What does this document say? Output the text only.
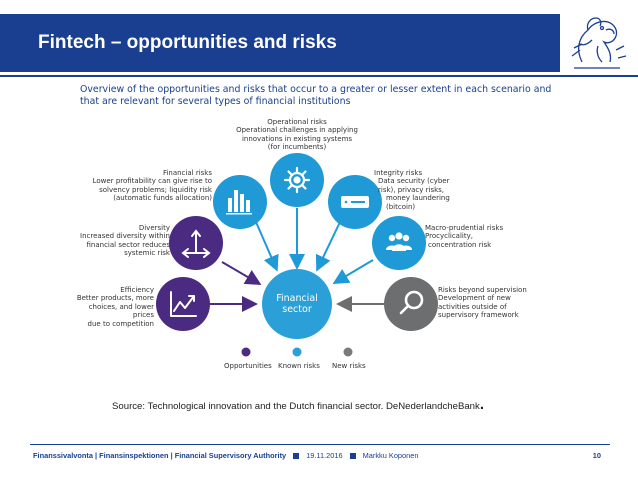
Fintech – opportunities and risks
Overview of the opportunities and risks that occur to a greater or lesser extent in each scenario and that are relevant for several types of financial institutions
Financial
sector
Operational risks
Operational challenges in applying
innovations in existing systems
(for incumbents)
Financial risks
Lower profitability can give rise to
solvency problems; liquidity risk
(automatic funds allocation)
Integrity risks
Data security (cyber
risk), privacy risks,
money laundering
(bitcoin)
Diversity
Increased diversity within
financial sector reduces
systemic risk
Macro-prudential risks
Procyclicality,
concentration risk
Efficiency
Better products, more
choices, and lower
prices
due to competition
Risks beyond supervision
Development of new
activities outside of
supervisory framework
Opportunities Known risks New risks
Source: Technological innovation and the Dutch financial sector. DeNederlandcheBank.
Finanssivalvonta | Finansinspektionen | Financial Supervisory Authority	19.11.2016	Markku Koponen	10
